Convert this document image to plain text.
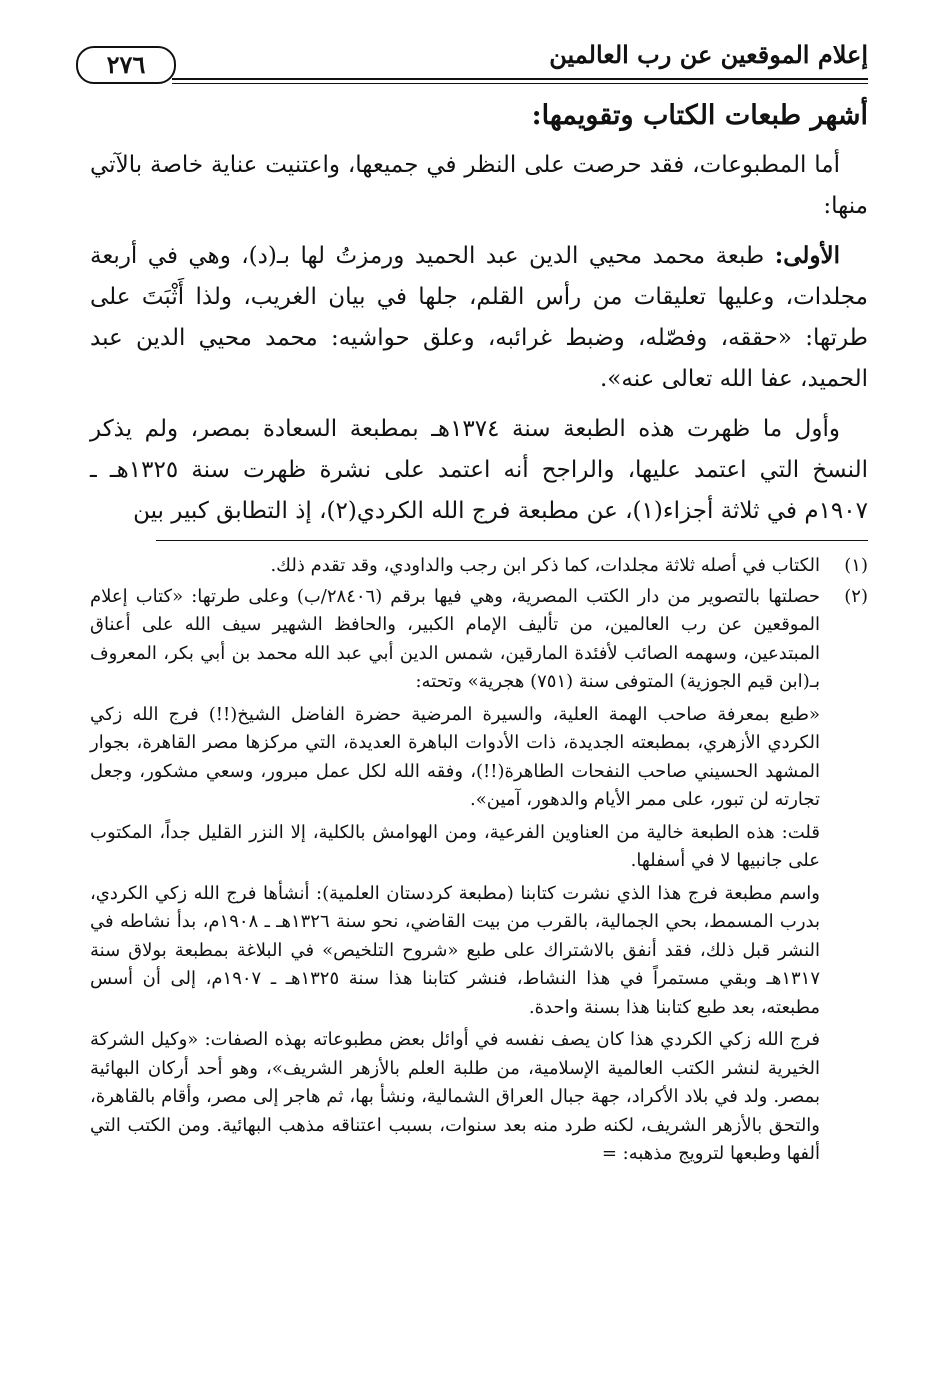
إعلام الموقعين عن رب العالمين
٢٧٦
أشهر طبعات الكتاب وتقويمها:

أما المطبوعات، فقد حرصت على النظر في جميعها، واعتنيت عناية خاصة بالآتي منها:

الأولى: طبعة محمد محيي الدين عبد الحميد ورمزتُ لها بـ(د)، وهي في أربعة مجلدات، وعليها تعليقات من رأس القلم، جلها في بيان الغريب، ولذا أَثْبَتَ على طرتها: «حققه، وفصّله، وضبط غرائبه، وعلق حواشيه: محمد محيي الدين عبد الحميد، عفا الله تعالى عنه».

وأول ما ظهرت هذه الطبعة سنة ١٣٧٤هـ بمطبعة السعادة بمصر، ولم يذكر النسخ التي اعتمد عليها، والراجح أنه اعتمد على نشرة ظهرت سنة ١٣٢٥هـ ـ ١٩٠٧م في ثلاثة أجزاء(١)، عن مطبعة فرج الله الكردي(٢)، إذ التطابق كبير بين

(١)
الكتاب في أصله ثلاثة مجلدات، كما ذكر ابن رجب والداودي، وقد تقدم ذلك.
(٢)

حصلتها بالتصوير من دار الكتب المصرية، وهي فيها برقم (٢٨٤٠٦/ب) وعلى طرتها: «كتاب إعلام الموقعين عن رب العالمين، من تأليف الإمام الكبير، والحافظ الشهير سيف الله على أعناق المبتدعين، وسهمه الصائب لأفئدة المارقين، شمس الدين أبي عبد الله محمد بن أبي بكر، المعروف بـ(ابن قيم الجوزية) المتوفى سنة (٧٥١) هجرية» وتحته:

«طبع بمعرفة صاحب الهمة العلية، والسيرة المرضية حضرة الفاضل الشيخ(!!) فرج الله زكي الكردي الأزهري، بمطبعته الجديدة، ذات الأدوات الباهرة العديدة، التي مركزها مصر القاهرة، بجوار المشهد الحسيني صاحب النفحات الطاهرة(!!)، وفقه الله لكل عمل مبرور، وسعي مشكور، وجعل تجارته لن تبور، على ممر الأيام والدهور، آمين».

قلت: هذه الطبعة خالية من العناوين الفرعية، ومن الهوامش بالكلية، إلا النزر القليل جداً، المكتوب على جانبيها لا في أسفلها.

واسم مطبعة فرج هذا الذي نشرت كتابنا (مطبعة كردستان العلمية): أنشأها فرج الله زكي الكردي، بدرب المسمط، بحي الجمالية، بالقرب من بيت القاضي، نحو سنة ١٣٢٦هـ ـ ١٩٠٨م، بدأ نشاطه في النشر قبل ذلك، فقد أنفق بالاشتراك على طبع «شروح التلخيص» في البلاغة بمطبعة بولاق سنة ١٣١٧هـ وبقي مستمراً في هذا النشاط، فنشر كتابنا هذا سنة ١٣٢٥هـ ـ ١٩٠٧م، إلى أن أسس مطبعته، بعد طبع كتابنا هذا بسنة واحدة.

فرج الله زكي الكردي هذا كان يصف نفسه في أوائل بعض مطبوعاته بهذه الصفات: «وكيل الشركة الخيرية لنشر الكتب العالمية الإسلامية، من طلبة العلم بالأزهر الشريف»، وهو أحد أركان البهائية بمصر. ولد في بلاد الأكراد، جهة جبال العراق الشمالية، ونشأ بها، ثم هاجر إلى مصر، وأقام بالقاهرة، والتحق بالأزهر الشريف، لكنه طرد منه بعد سنوات، بسبب اعتناقه مذهب البهائية. ومن الكتب التي ألفها وطبعها لترويج مذهبه: =
